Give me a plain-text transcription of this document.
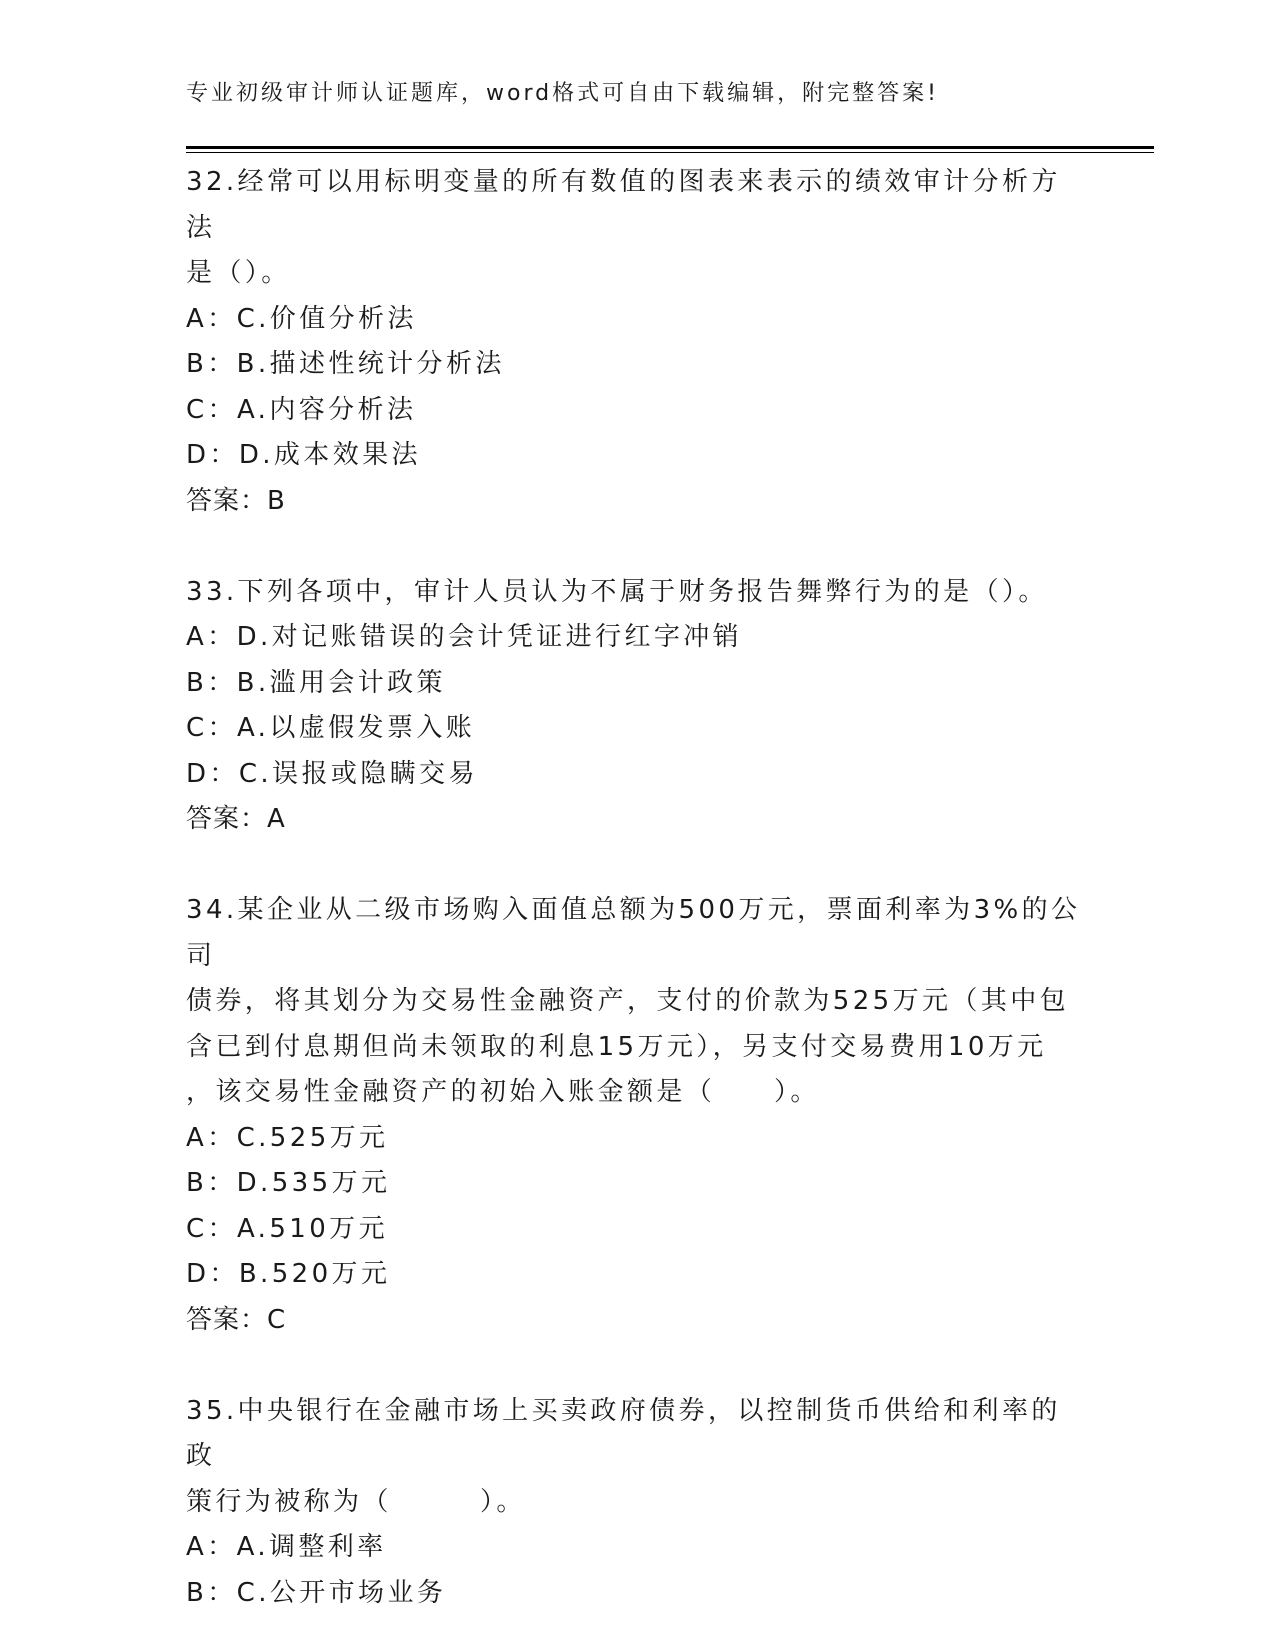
专业初级审计师认证题库，word格式可自由下载编辑，附完整答案!

32.经常可以用标明变量的所有数值的图表来表示的绩效审计分析方法

是（）。

A：C.价值分析法

B：B.描述性统计分析法

C：A.内容分析法

D：D.成本效果法

答案：B

33.下列各项中，审计人员认为不属于财务报告舞弊行为的是（）。

A：D.对记账错误的会计凭证进行红字冲销

B：B.滥用会计政策

C：A.以虚假发票入账

D：C.误报或隐瞒交易

答案：A

34.某企业从二级市场购入面值总额为500万元，票面利率为3%的公司

债券，将其划分为交易性金融资产，支付的价款为525万元（其中包

含已到付息期但尚未领取的利息15万元），另支付交易费用10万元

，该交易性金融资产的初始入账金额是（　　）。

A：C.525万元

B：D.535万元

C：A.510万元

D：B.520万元

答案：C

35.中央银行在金融市场上买卖政府债券，以控制货币供给和利率的政

策行为被称为（　　　）。

A：A.调整利率

B：C.公开市场业务
